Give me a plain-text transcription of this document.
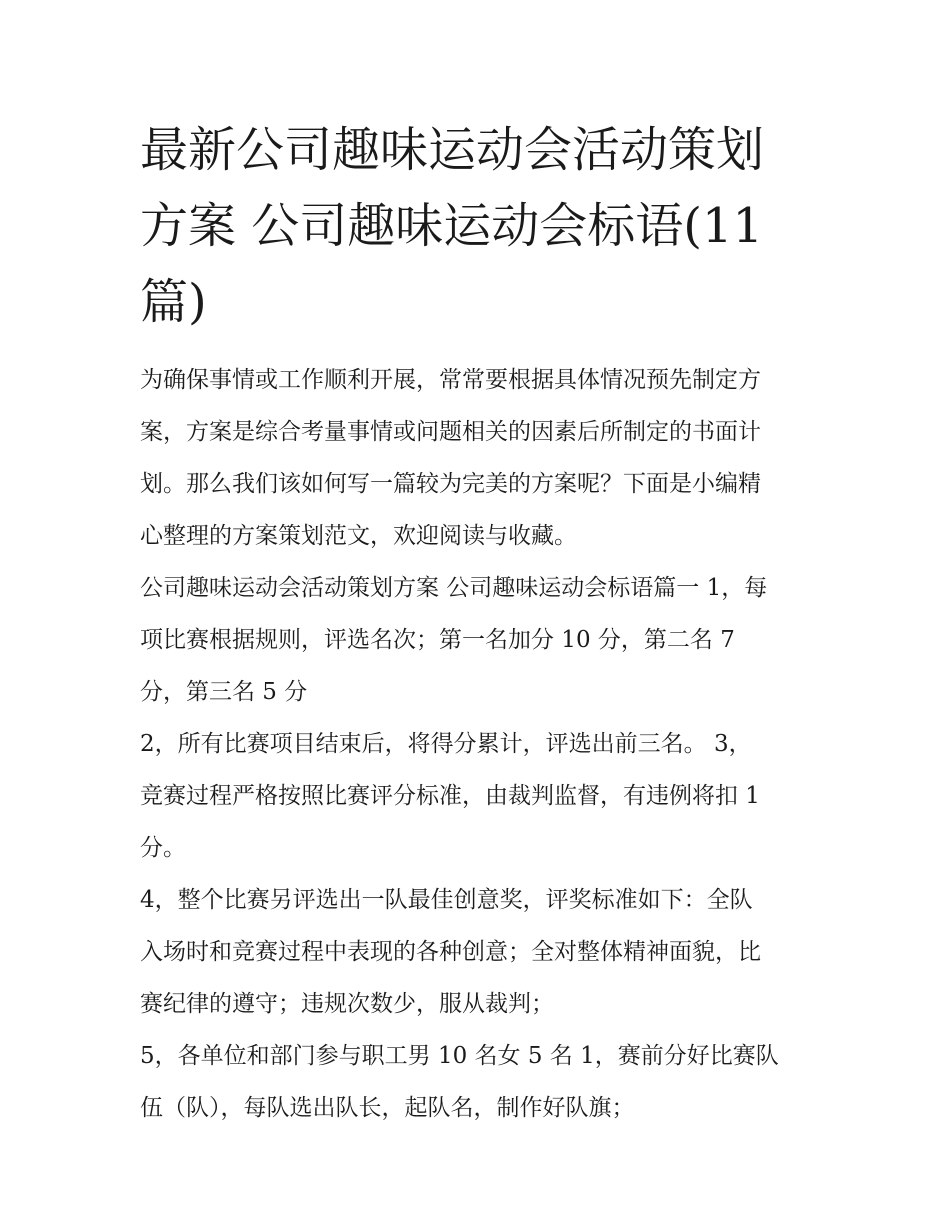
最新公司趣味运动会活动策划
方案 公司趣味运动会标语(11
篇)
为确保事情或工作顺利开展，常常要根据具体情况预先制定方
案，方案是综合考量事情或问题相关的因素后所制定的书面计
划。那么我们该如何写一篇较为完美的方案呢？下面是小编精
心整理的方案策划范文，欢迎阅读与收藏。
公司趣味运动会活动策划方案 公司趣味运动会标语篇一 1，每
项比赛根据规则，评选名次；第一名加分 10 分，第二名 7
分，第三名 5 分
2，所有比赛项目结束后，将得分累计，评选出前三名。 3，
竞赛过程严格按照比赛评分标准，由裁判监督，有违例将扣 1
分。
4，整个比赛另评选出一队最佳创意奖，评奖标准如下：全队
入场时和竞赛过程中表现的各种创意；全对整体精神面貌，比
赛纪律的遵守；违规次数少，服从裁判；
5，各单位和部门参与职工男 10 名女 5 名 1，赛前分好比赛队
伍（队），每队选出队长，起队名，制作好队旗；
